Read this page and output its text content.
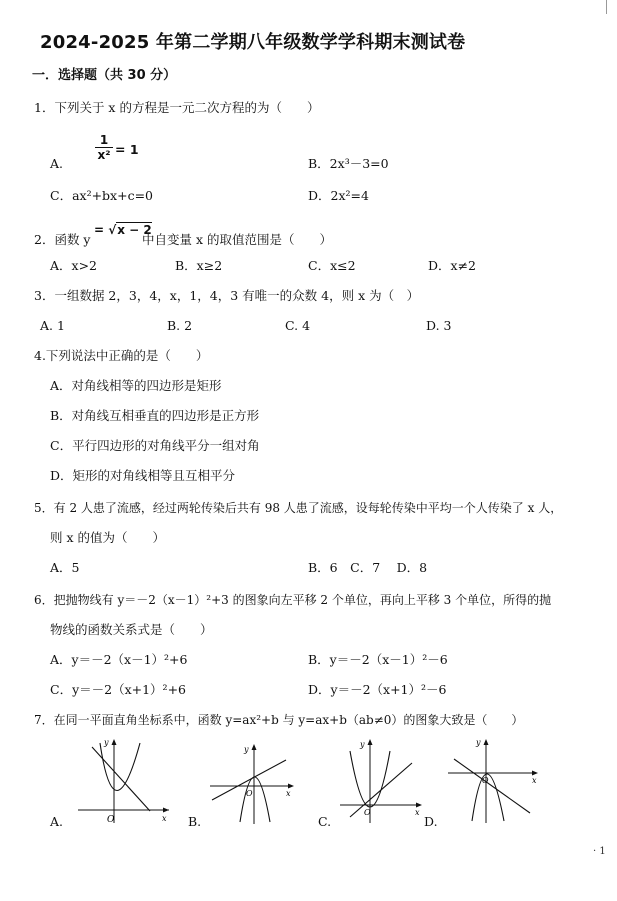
2024-2025 年第二学期八年级数学学科期末测试卷
一．选择题（共 30 分）
1．下列关于 x 的方程是一元二次方程的为（　　）
A.
1
x² = 1
B．2x³－3=0
C．ax²+bx+c=0	D．2x²=4
2．函数 y
= √x − 2
中自变量 x 的取值范围是（　　）
A．x>2	B．x≥2	C．x≤2	D．x≠2
3．一组数据 2，3，4，x，1，4，3 有唯一的众数 4，则 x 为（　）
A. 1	B. 2	C. 4	D. 3
4.下列说法中正确的是（　　）
A．对角线相等的四边形是矩形
B．对角线互相垂直的四边形是正方形
C．平行四边形的对角线平分一组对角
D．矩形的对角线相等且互相平分
5．有 2 人患了流感，经过两轮传染后共有 98 人患了流感，设每轮传染中平均一个人传染了 x 人，
则 x 的值为（　　）
A．5	B．6　C．7　 D．8
6．把抛物线有 y＝－2（x－1）²+3 的图象向左平移 2 个单位，再向上平移 3 个单位，所得的抛
物线的函数关系式是（　　）
A．y＝－2（x－1）²+6	B．y＝－2（x－1）²－6
C．y＝－2（x+1）²+6	D．y＝－2（x+1）²－6
7．在同一平面直角坐标系中，函数 y=ax²+b 与 y=ax+b（ab≠0）的图象大致是（　　）
O	x
y
A.
O	x
y
B.
O	x
y
C.
O	x
y
D.
· 1
